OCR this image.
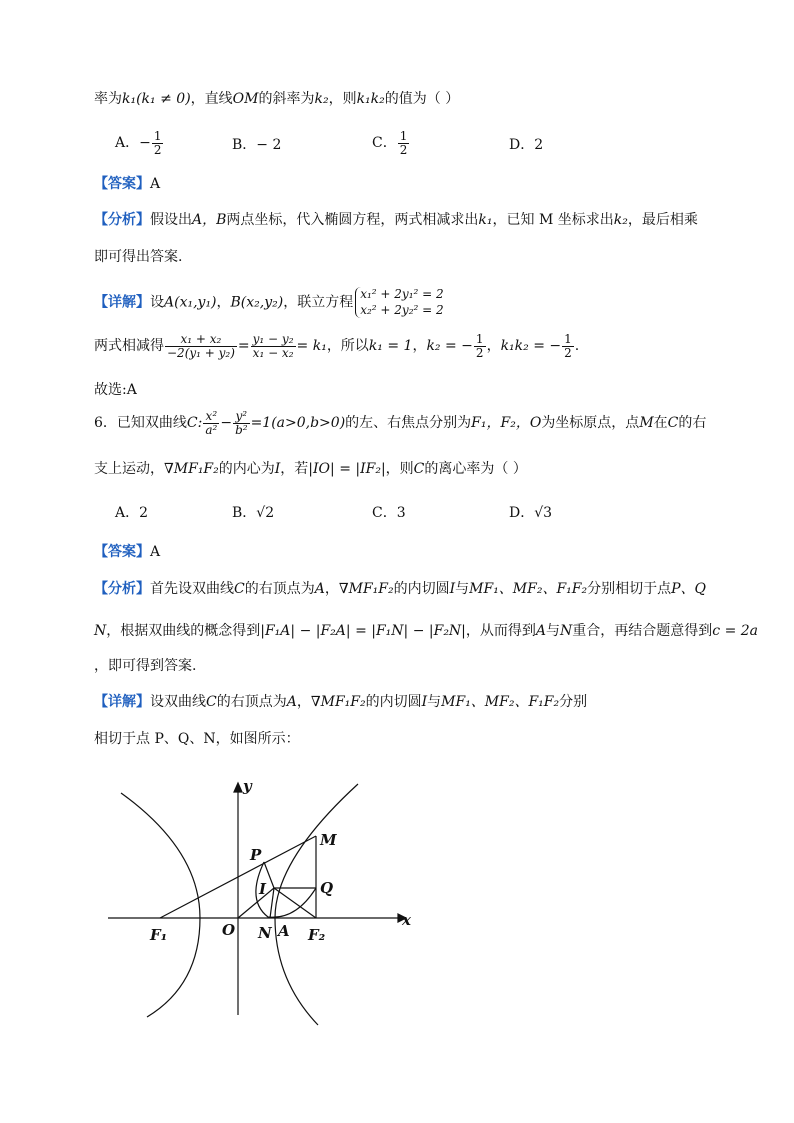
率为k₁(k₁ ≠ 0)，直线OM的斜率为k₂，则k₁k₂的值为（ ）
A．− $\frac{1}{2}$	B．− 2	C． $\frac{1}{2}$	D．2
【答案】A
【分析】假设出A，B两点坐标，代入椭圆方程，两式相减求出k₁，已知 M 坐标求出k₂，最后相乘
即可得出答案.
【详解】设A(x₁,y₁)，B(x₂,y₂)，联立方程
x₁² + 2y₁² = 2
x₂² + 2y₂² = 2
两式相减得 $\frac{\text{x₁ + x₂}}{\text{−2(y₁ + y₂)}} = \frac{\text{y₁ − y₂}}{\text{x₁ − x₂}} = k_1$，所以k₁ = 1，k₂ = − $\frac{1}{2}$ ，k₁k₂ = − $\frac{1}{2}$ .
故选:A
6．已知双曲线C: $\frac{\text{x²}}{\text{a²}} - \frac{\text{y²}}{\text{b²}} =1(a>0,b>0)$的左、右焦点分别为F₁，F₂，O为坐标原点，点M在C的右
支上运动，∇MF₁F₂的内心为I，若|IO| = |IF₂|，则C的离心率为（ ）
A．2	B．√2	C．3	D．√3
【答案】A
【分析】首先设双曲线C的右顶点为A，∇MF₁F₂的内切圆I与MF₁、MF₂、F₁F₂分别相切于点P、Q
N，根据双曲线的概念得到|F₁A| − |F₂A| = |F₁N| − |F₂N|，从而得到A与N重合，再结合题意得到c = 2a
，即可得到答案.
【详解】设双曲线C的右顶点为A，∇MF₁F₂的内切圆I与MF₁、MF₂、F₁F₂分别
相切于点 P、Q、N，如图所示：
y
x
M
P
I	Q
F₁	O N A F₂
